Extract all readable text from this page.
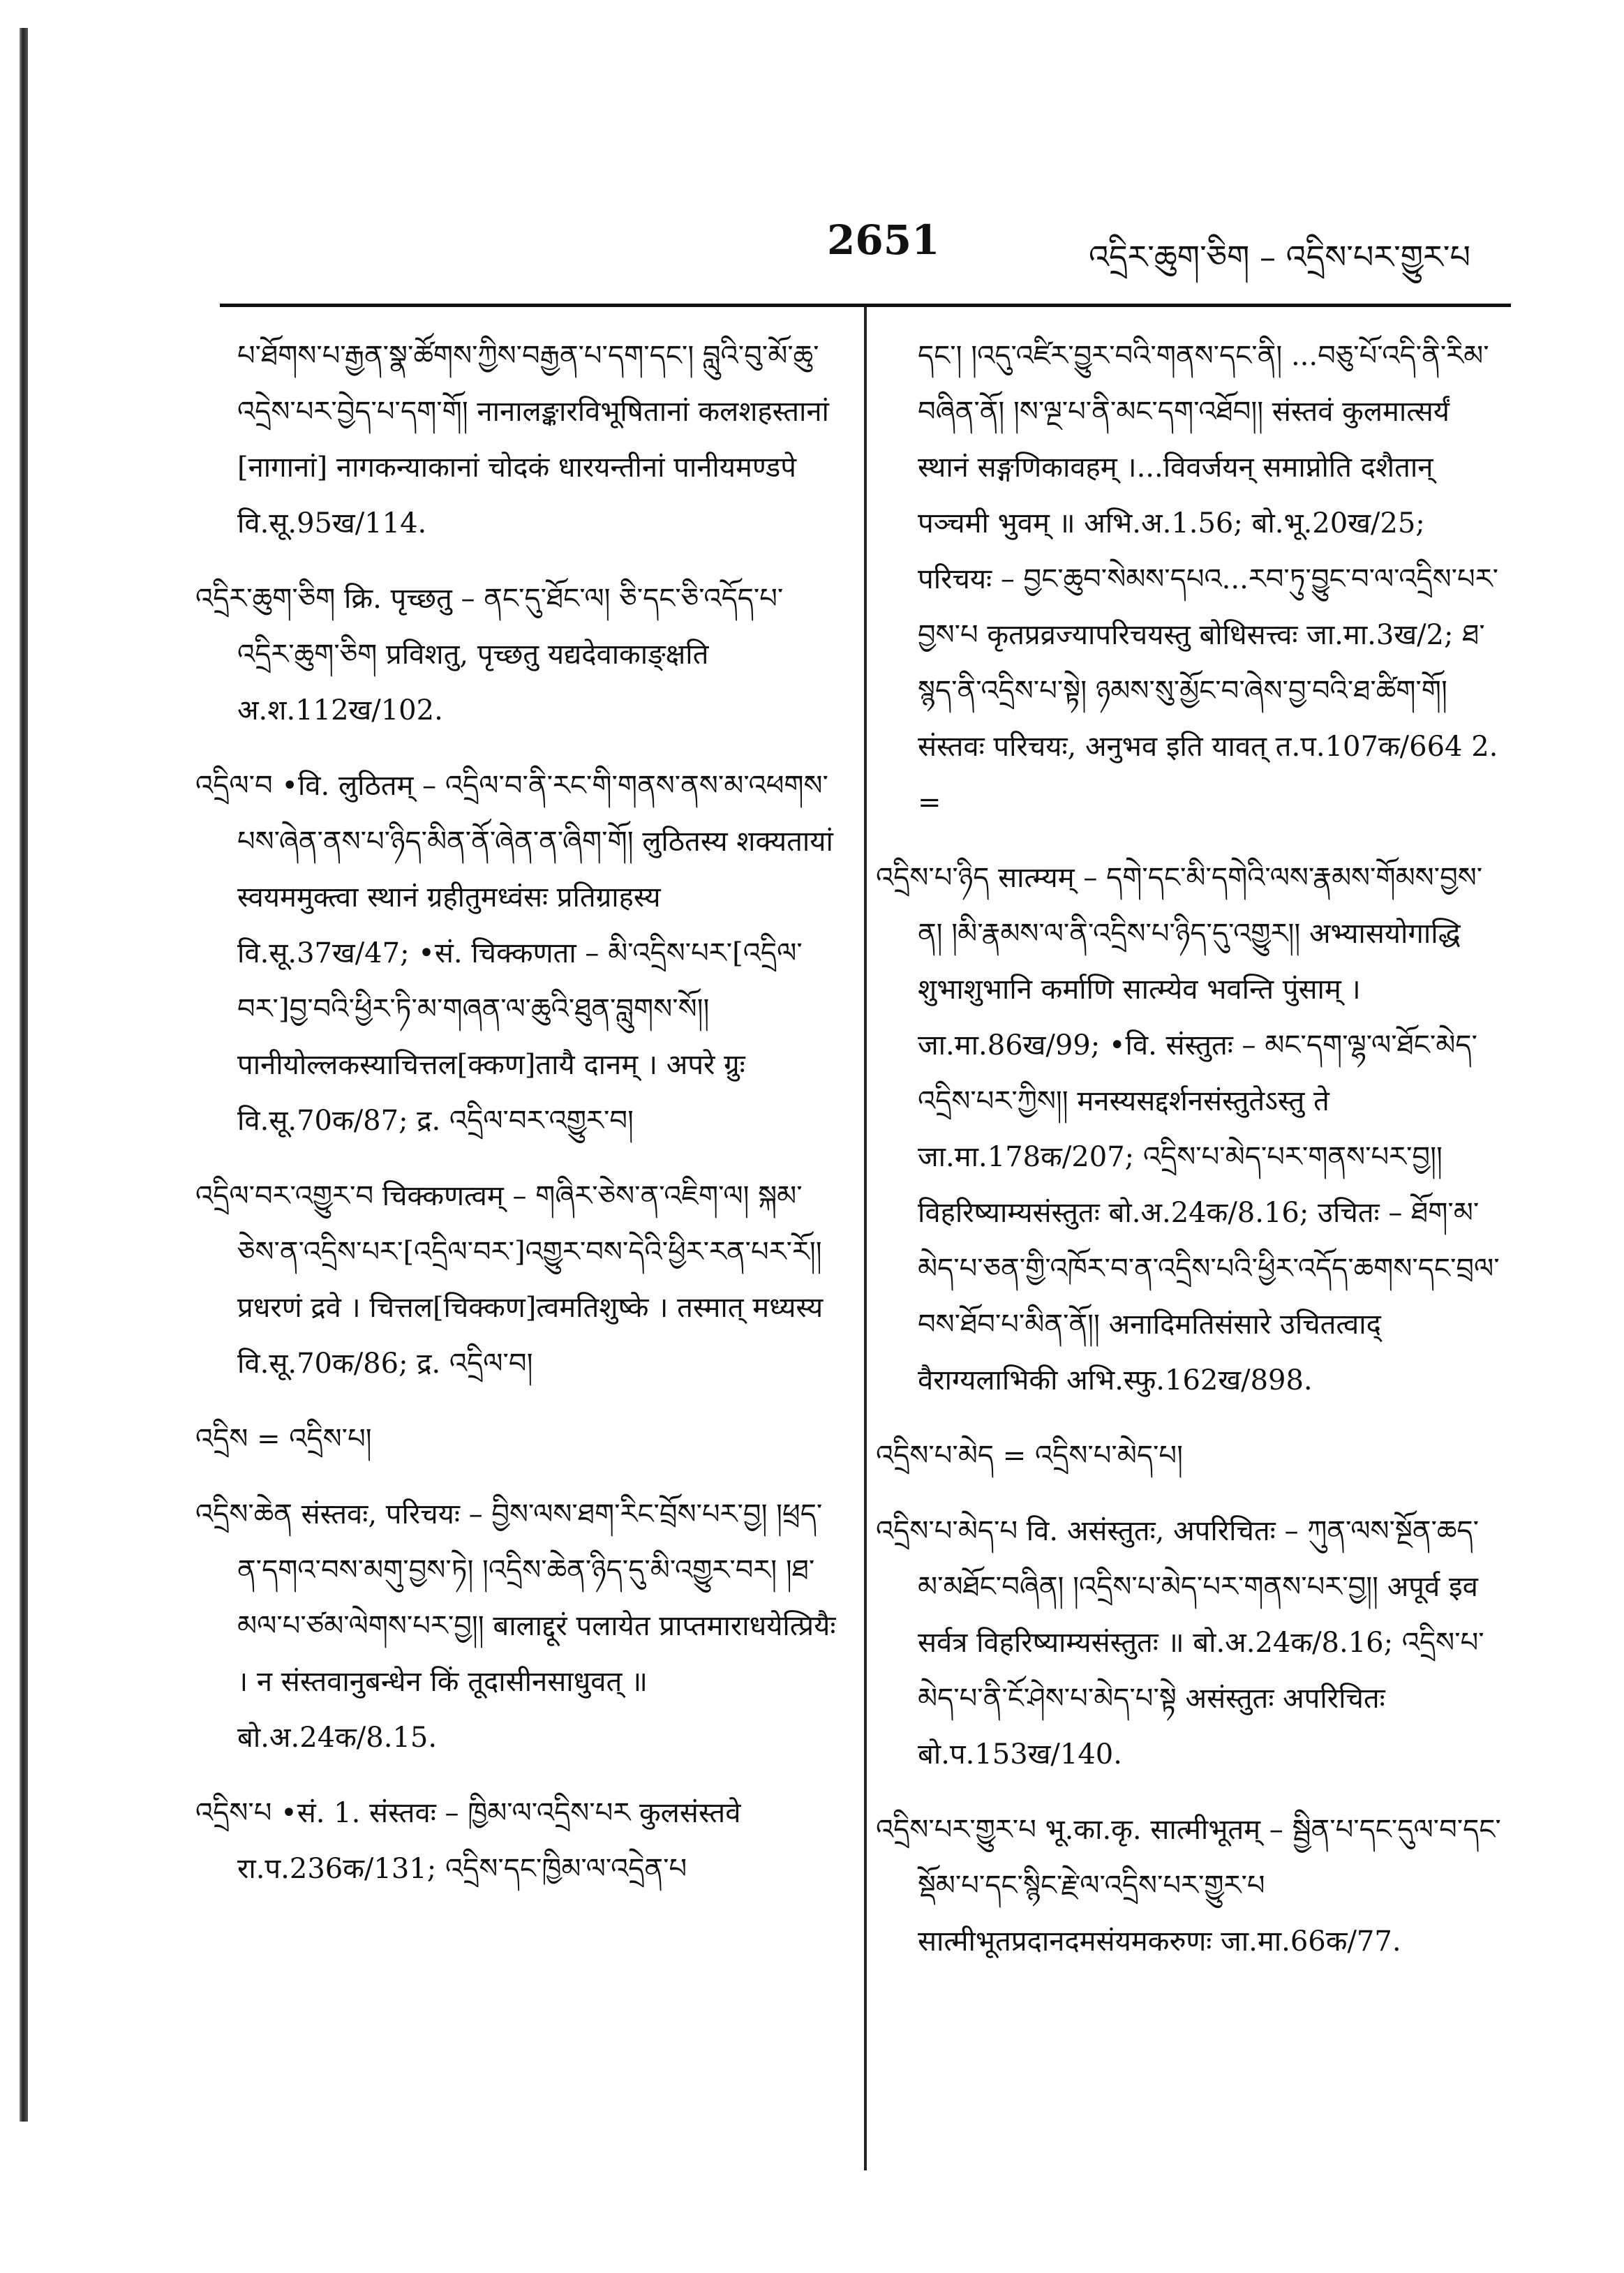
2651	འདྲིར་ཆུག་ཅིག – འདྲིས་པར་གྱུར་པ

པ་ཐོགས་པ་རྒྱན་སྣ་ཚོགས་ཀྱིས་བརྒྱན་པ་དག་དང་། བླུའི་བུ་མོ་ཆུ་འདྲེས་པར་བྱེད་པ་དག་གོ། नानालङ्कारविभूषितानां कलशहस्तानां [नागानां] नागकन्याकानां चोदकं धारयन्तीनां पानीयमण्डपे वि.सू.95ख/114.

འདྲིར་ཆུག་ཅིག क्रि. पृच्छतु – ནང་དུ་ཐོང་ལ། ཅི་དང་ཅི་འདོད་པ་འདྲིར་ཆུག་ཅིག प्रविशतु, पृच्छतु यद्यदेवाकाङ्क्षति अ.श.112ख/102.

འདྲིལ་བ •वि. लुठितम् – འདྲིལ་བ་ནི་རང་གི་གནས་ནས་མ་འཕགས་པས་ཞེན་ནས་པ་ཉིད་མིན་ནོ་ཞེན་ན་ཞིག་གོ། लुठितस्य शक्यतायां स्वयममुक्त्वा स्थानं ग्रहीतुमध्वंसः प्रतिग्राहस्य वि.सू.37ख/47; •सं. चिक्कणता – མི་འདྲིས་པར་[འདྲིལ་བར་]བྱ་བའི་ཕྱིར་ཏི་མ་གཞན་ལ་ཆུའི་ཐུན་བླུགས་སོ།། पानीयोल्लकस्याचित्तल[क्कण]तायै दानम् । अपरे ग्रुः वि.सू.70क/87; द्र. འདྲིལ་བར་འགྱུར་བ།

འདྲིལ་བར་འགྱུར་བ चिक्कणत्वम् – གཞིར་ཅེས་ན་འཇིག་ལ། སྐམ་ཅེས་ན་འདྲིས་པར་[འདྲིལ་བར་]འགྱུར་བས་དེའི་ཕྱིར་རན་པར་རོ།། प्रधरणं द्रवे । चित्तल[चिक्कण]त्वमतिशुष्के । तस्मात् मध्यस्य वि.सू.70क/86; द्र. འདྲིལ་བ།

འདྲིས = འདྲིས་པ།

འདྲིས་ཆེན संस्तवः, परिचयः – བྱིས་ལས་ཐག་རིང་བྲོས་པར་བྱ། །ཕྲད་ན་དགའ་བས་མགུ་བྱས་ཏེ། །འདྲིས་ཆེན་ཉིད་དུ་མི་འགྱུར་བར། །ཐ་མལ་པ་ཙམ་ལེགས་པར་བྱ།། बालाद्दूरं पलायेत प्राप्तमाराधयेत्प्रियैः । न संस्तवानुबन्धेन किं तूदासीनसाधुवत् ॥ बो.अ.24क/8.15.

འདྲིས་པ •सं. 1. संस्तवः – ཁྱིམ་ལ་འདྲིས་པར कुलसंस्तवे रा.प.236क/131; འདྲིས་དང་ཁྱིམ་ལ་འདྲེན་པ

དང་། །འདུ་འཛིར་བྱུར་བའི་གནས་དང་ནི། ...བཅུ་པོ་འདི་ནི་རིམ་བཞིན་ནོ། །ས་ལྔ་པ་ནི་མང་དག་འཐོབ།། संस्तवं कुलमात्सर्यं स्थानं सङ्गणिकावहम् ।...विवर्जयन् समाप्नोति दशैतान् पञ्चमी भुवम् ॥ अभि.अ.1.56; बो.भू.20ख/25; परिचयः – བྱང་ཆུབ་སེམས་དཔའ...རབ་ཏུ་བྱུང་བ་ལ་འདྲིས་པར་བྱས་པ कृतप्रव्रज्यापरिचयस्तु बोधिसत्त्वः जा.मा.3ख/2; ཐ་སྙད་ནི་འདྲིས་པ་སྟེ། ཉམས་སུ་མྱོང་བ་ཞེས་བྱ་བའི་ཐ་ཚིག་གོ། संस्तवः परिचयः, अनुभव इति यावत् त.प.107क/664 2. =

འདྲིས་པ་ཉིད सात्म्यम् – དགེ་དང་མི་དགེའི་ལས་རྣམས་གོམས་བྱས་ན། །མི་རྣམས་ལ་ནི་འདྲིས་པ་ཉིད་དུ་འགྱུར།། अभ्यासयोगाद्धि शुभाशुभानि कर्माणि सात्म्येव भवन्ति पुंसाम् । जा.मा.86ख/99; •वि. संस्तुतः – མང་དག་ལྷ་ལ་ཐོང་མེད་འདྲིས་པར་ཀྱིས།། मनस्यसद्दर्शनसंस्तुतेऽस्तु ते जा.मा.178क/207; འདྲིས་པ་མེད་པར་གནས་པར་བྱ།། विहरिष्याम्यसंस्तुतः बो.अ.24क/8.16; उचितः – ཐོག་མ་མེད་པ་ཅན་གྱི་འཁོར་བ་ན་འདྲིས་པའི་ཕྱིར་འདོད་ཆགས་དང་བྲལ་བས་ཐོབ་པ་མིན་ནོ།། अनादिमतिसंसारे उचितत्वाद् वैराग्यलाभिकी अभि.स्फु.162ख/898.

འདྲིས་པ་མེད = འདྲིས་པ་མེད་པ།

འདྲིས་པ་མེད་པ वि. असंस्तुतः, अपरिचितः – ཀུན་ལས་སྔོན་ཆད་མ་མཐོང་བཞིན། །འདྲིས་པ་མེད་པར་གནས་པར་བྱ།། अपूर्व इव सर्वत्र विहरिष्याम्यसंस्तुतः ॥ बो.अ.24क/8.16; འདྲིས་པ་མེད་པ་ནི་ངོ་ཤེས་པ་མེད་པ་སྟེ असंस्तुतः अपरिचितः बो.प.153ख/140.

འདྲིས་པར་གྱུར་པ भू.का.कृ. सात्मीभूतम् – སྦྱིན་པ་དང་དུལ་བ་དང་སྡོམ་པ་དང་སྙིང་རྗེ་ལ་འདྲིས་པར་གྱུར་པ सात्मीभूतप्रदानदमसंयमकरुणः जा.मा.66क/77.
